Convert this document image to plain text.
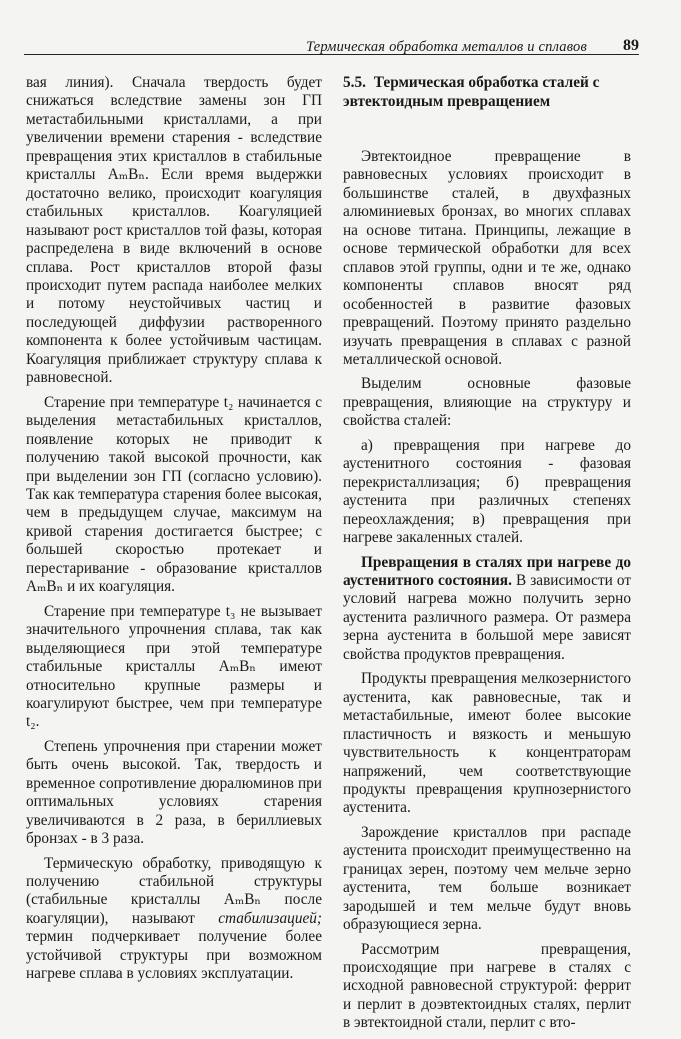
Термическая обработка металлов и сплавов 89

вая линия). Сначала твердость будет снижаться вследствие замены зон ГП метастабильными кристаллами, а при увеличении времени старения - вследствие превращения этих кристаллов в стабильные кристаллы AₘBₙ. Если время выдержки достаточно велико, происходит коагуляция стабильных кристаллов. Коагуляцией называют рост кристаллов той фазы, которая распределена в виде включений в основе сплава. Рост кристаллов второй фазы происходит путем распада наиболее мелких и потому неустойчивых частиц и последующей диффузии растворенного компонента к более устойчивым частицам. Коагуляция приближает структуру сплава к равновесной.

Старение при температуре t₂ начинается с выделения метастабильных кристаллов, появление которых не приводит к получению такой высокой прочности, как при выделении зон ГП (согласно условию). Так как температура старения более высокая, чем в предыдущем случае, максимум на кривой старения достигается быстрее; с большей скоростью протекает и перестаривание - образование кристаллов AₘBₙ и их коагуляция.

Старение при температуре t₃ не вызывает значительного упрочнения сплава, так как выделяющиеся при этой температуре стабильные кристаллы AₘBₙ имеют относительно крупные размеры и коагулируют быстрее, чем при температуре t₂.

Степень упрочнения при старении может быть очень высокой. Так, твердость и временное сопротивление дюралюминов при оптимальных условиях старения увеличиваются в 2 раза, в бериллиевых бронзах - в 3 раза.

Термическую обработку, приводящую к получению стабильной структуры (стабильные кристаллы AₘBₙ после коагуляции), называют стабилизацией; термин подчеркивает получение более устойчивой структуры при возможном нагреве сплава в условиях эксплуатации.

5.5. Термическая обработка сталей с эвтектоидным превращением

Эвтектоидное превращение в равновесных условиях происходит в большинстве сталей, в двухфазных алюминиевых бронзах, во многих сплавах на основе титана. Принципы, лежащие в основе термической обработки для всех сплавов этой группы, одни и те же, однако компоненты сплавов вносят ряд особенностей в развитие фазовых превращений. Поэтому принято раздельно изучать превращения в сплавах с разной металлической основой.

Выделим основные фазовые превращения, влияющие на структуру и свойства сталей:

а) превращения при нагреве до аустенитного состояния - фазовая перекристаллизация; б) превращения аустенита при различных степенях переохлаждения; в) превращения при нагреве закаленных сталей.

Превращения в сталях при нагреве до аустенитного состояния. В зависимости от условий нагрева можно получить зерно аустенита различного размера. От размера зерна аустенита в большой мере зависят свойства продуктов превращения.

Продукты превращения мелкозернистого аустенита, как равновесные, так и метастабильные, имеют более высокие пластичность и вязкость и меньшую чувствительность к концентраторам напряжений, чем соответствующие продукты превращения крупнозернистого аустенита.

Зарождение кристаллов при распаде аустенита происходит преимущественно на границах зерен, поэтому чем мельче зерно аустенита, тем больше возникает зародышей и тем мельче будут вновь образующиеся зерна.

Рассмотрим превращения, происходящие при нагреве в сталях с исходной равновесной структурой: феррит и перлит в доэвтектоидных сталях, перлит в эвтектоидной стали, перлит с вто-
